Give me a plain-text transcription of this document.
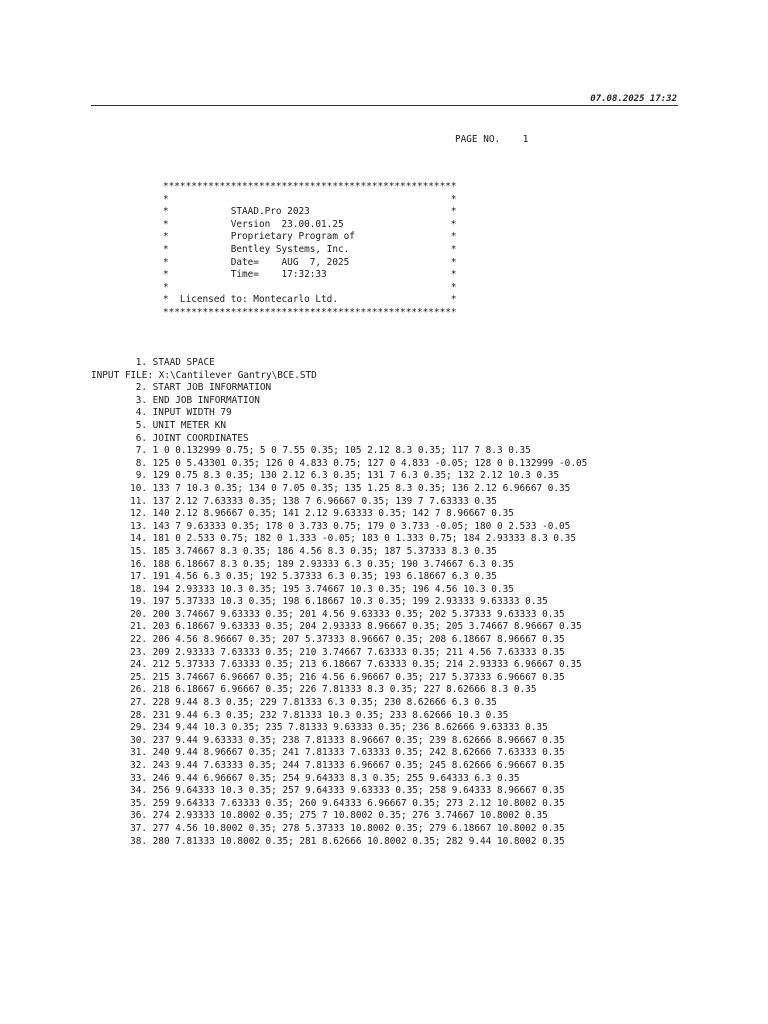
07.08.2025 17:32
PAGE NO.    1
****************************************************
*                                                  *
*           STAAD.Pro 2023                         *
*           Version  23.00.01.25                   *
*           Proprietary Program of                 *
*           Bentley Systems, Inc.                  *
*           Date=    AUG  7, 2025                  *
*           Time=    17:32:33                      *
*                                                  *
*  Licensed to: Montecarlo Ltd.                    *
****************************************************
1. STAAD SPACE
INPUT FILE: X:\Cantilever Gantry\BCE.STD
2. START JOB INFORMATION
3. END JOB INFORMATION
4. INPUT WIDTH 79
5. UNIT METER KN
6. JOINT COORDINATES
7. 1 0 0.132999 0.75; 5 0 7.55 0.35; 105 2.12 8.3 0.35; 117 7 8.3 0.35
8. 125 0 5.43301 0.35; 126 0 4.833 0.75; 127 0 4.833 -0.05; 128 0 0.132999 -0.05
9. 129 0.75 8.3 0.35; 130 2.12 6.3 0.35; 131 7 6.3 0.35; 132 2.12 10.3 0.35
10. 133 7 10.3 0.35; 134 0 7.05 0.35; 135 1.25 8.3 0.35; 136 2.12 6.96667 0.35
11. 137 2.12 7.63333 0.35; 138 7 6.96667 0.35; 139 7 7.63333 0.35
12. 140 2.12 8.96667 0.35; 141 2.12 9.63333 0.35; 142 7 8.96667 0.35
13. 143 7 9.63333 0.35; 178 0 3.733 0.75; 179 0 3.733 -0.05; 180 0 2.533 -0.05
14. 181 0 2.533 0.75; 182 0 1.333 -0.05; 183 0 1.333 0.75; 184 2.93333 8.3 0.35
15. 185 3.74667 8.3 0.35; 186 4.56 8.3 0.35; 187 5.37333 8.3 0.35
16. 188 6.18667 8.3 0.35; 189 2.93333 6.3 0.35; 190 3.74667 6.3 0.35
17. 191 4.56 6.3 0.35; 192 5.37333 6.3 0.35; 193 6.18667 6.3 0.35
18. 194 2.93333 10.3 0.35; 195 3.74667 10.3 0.35; 196 4.56 10.3 0.35
19. 197 5.37333 10.3 0.35; 198 6.18667 10.3 0.35; 199 2.93333 9.63333 0.35
20. 200 3.74667 9.63333 0.35; 201 4.56 9.63333 0.35; 202 5.37333 9.63333 0.35
21. 203 6.18667 9.63333 0.35; 204 2.93333 8.96667 0.35; 205 3.74667 8.96667 0.35
22. 206 4.56 8.96667 0.35; 207 5.37333 8.96667 0.35; 208 6.18667 8.96667 0.35
23. 209 2.93333 7.63333 0.35; 210 3.74667 7.63333 0.35; 211 4.56 7.63333 0.35
24. 212 5.37333 7.63333 0.35; 213 6.18667 7.63333 0.35; 214 2.93333 6.96667 0.35
25. 215 3.74667 6.96667 0.35; 216 4.56 6.96667 0.35; 217 5.37333 6.96667 0.35
26. 218 6.18667 6.96667 0.35; 226 7.81333 8.3 0.35; 227 8.62666 8.3 0.35
27. 228 9.44 8.3 0.35; 229 7.81333 6.3 0.35; 230 8.62666 6.3 0.35
28. 231 9.44 6.3 0.35; 232 7.81333 10.3 0.35; 233 8.62666 10.3 0.35
29. 234 9.44 10.3 0.35; 235 7.81333 9.63333 0.35; 236 8.62666 9.63333 0.35
30. 237 9.44 9.63333 0.35; 238 7.81333 8.96667 0.35; 239 8.62666 8.96667 0.35
31. 240 9.44 8.96667 0.35; 241 7.81333 7.63333 0.35; 242 8.62666 7.63333 0.35
32. 243 9.44 7.63333 0.35; 244 7.81333 6.96667 0.35; 245 8.62666 6.96667 0.35
33. 246 9.44 6.96667 0.35; 254 9.64333 8.3 0.35; 255 9.64333 6.3 0.35
34. 256 9.64333 10.3 0.35; 257 9.64333 9.63333 0.35; 258 9.64333 8.96667 0.35
35. 259 9.64333 7.63333 0.35; 260 9.64333 6.96667 0.35; 273 2.12 10.8002 0.35
36. 274 2.93333 10.8002 0.35; 275 7 10.8002 0.35; 276 3.74667 10.8002 0.35
37. 277 4.56 10.8002 0.35; 278 5.37333 10.8002 0.35; 279 6.18667 10.8002 0.35
38. 280 7.81333 10.8002 0.35; 281 8.62666 10.8002 0.35; 282 9.44 10.8002 0.35
